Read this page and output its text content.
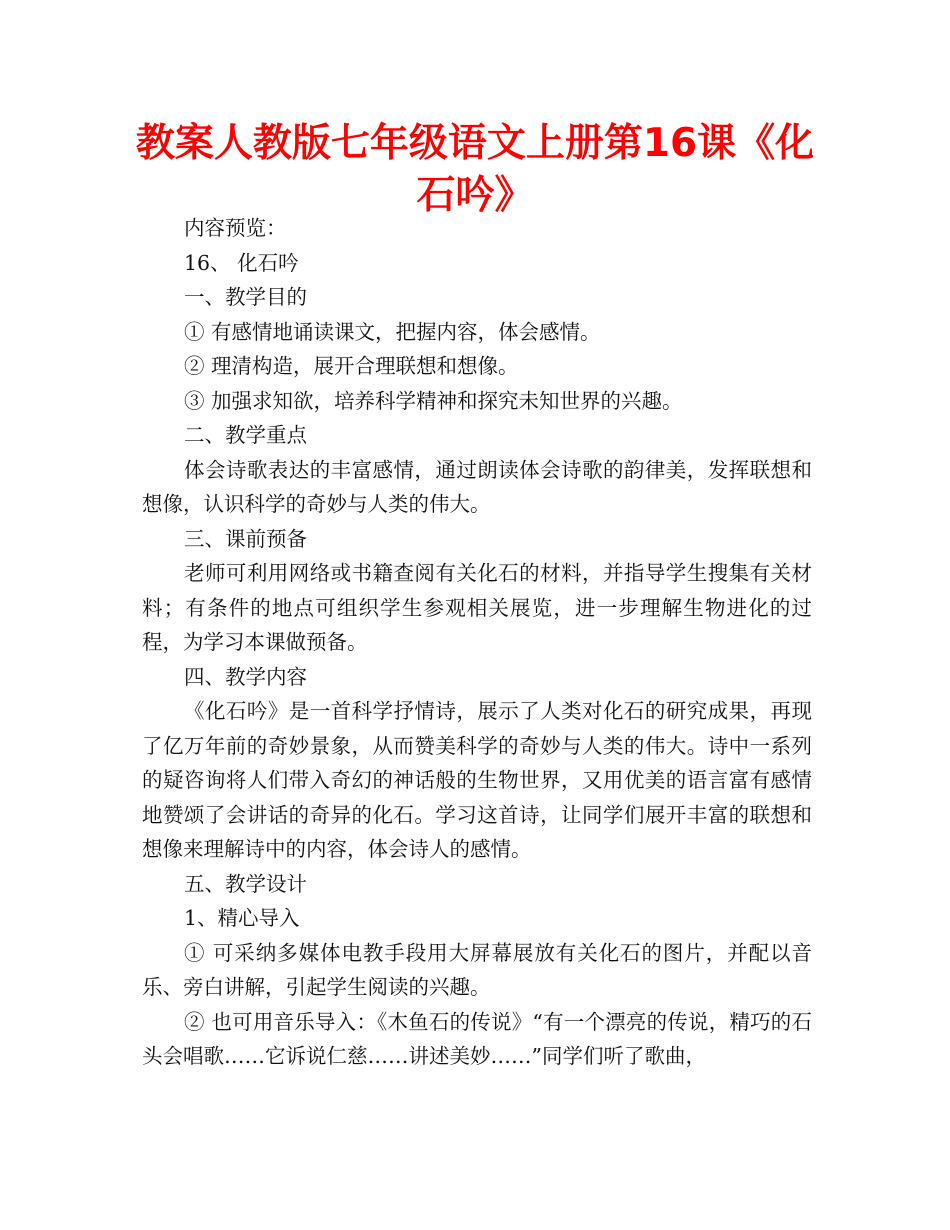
教案人教版七年级语文上册第16课《化石吟》

内容预览：

16、 化石吟

一、教学目的

① 有感情地诵读课文，把握内容，体会感情。

② 理清构造，展开合理联想和想像。

③ 加强求知欲，培养科学精神和探究未知世界的兴趣。

二、教学重点

体会诗歌表达的丰富感情，通过朗读体会诗歌的韵律美，发挥联想和想像，认识科学的奇妙与人类的伟大。

三、课前预备

老师可利用网络或书籍查阅有关化石的材料，并指导学生搜集有关材料；有条件的地点可组织学生参观相关展览，进一步理解生物进化的过程，为学习本课做预备。

四、教学内容

《化石吟》是一首科学抒情诗，展示了人类对化石的研究成果，再现了亿万年前的奇妙景象，从而赞美科学的奇妙与人类的伟大。诗中一系列的疑咨询将人们带入奇幻的神话般的生物世界，又用优美的语言富有感情地赞颂了会讲话的奇异的化石。学习这首诗，让同学们展开丰富的联想和想像来理解诗中的内容，体会诗人的感情。

五、教学设计

1、精心导入

① 可采纳多媒体电教手段用大屏幕展放有关化石的图片，并配以音乐、旁白讲解，引起学生阅读的兴趣。

② 也可用音乐导入：《木鱼石的传说》“有一个漂亮的传说，精巧的石头会唱歌……它诉说仁慈……讲述美妙……”同学们听了歌曲，
